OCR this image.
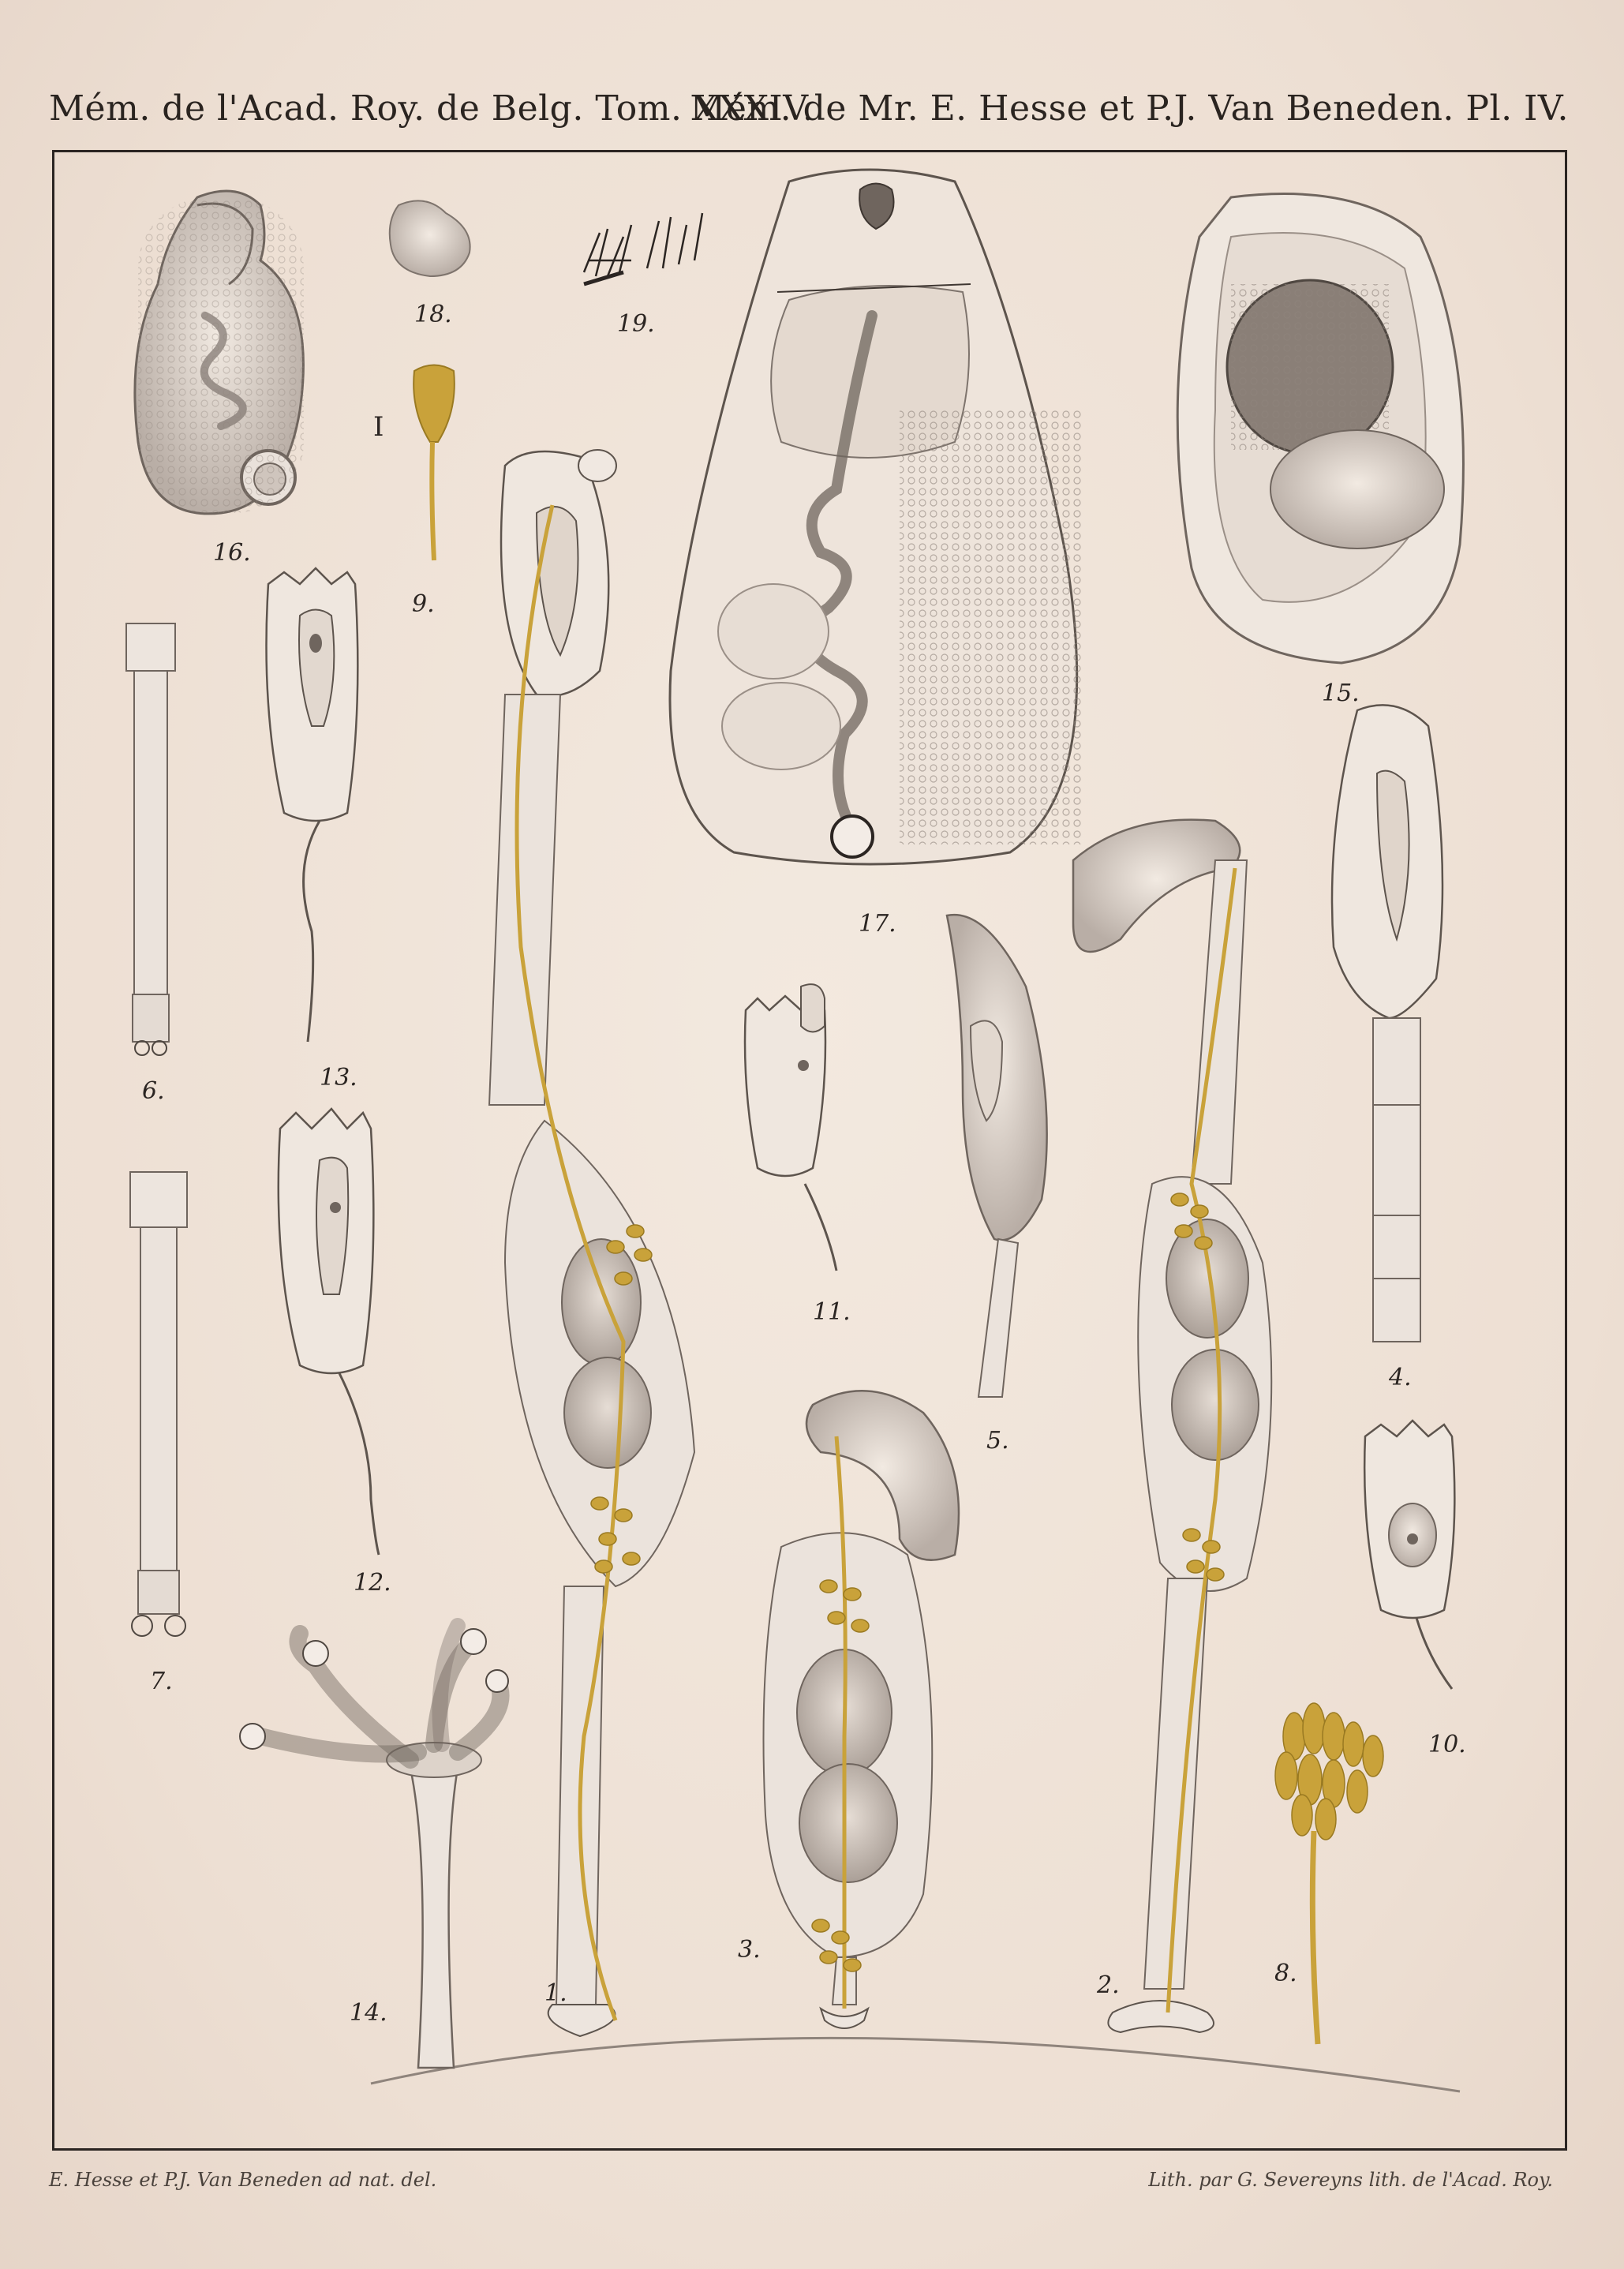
Mém. de l'Acad. Roy. de Belg. Tom. XXXIV.
Mém. de Mr. E. Hesse et P.J. Van Beneden. Pl. IV.
1.	2.
3.
4.
5.
6.
7.
8.
9.
I
10.
11.
12.
13.
14.
15.
16.
17.
18.	19.
E. Hesse et P.J. Van Beneden ad nat. del.	Lith. par G. Severeyns lith. de l'Acad. Roy.
